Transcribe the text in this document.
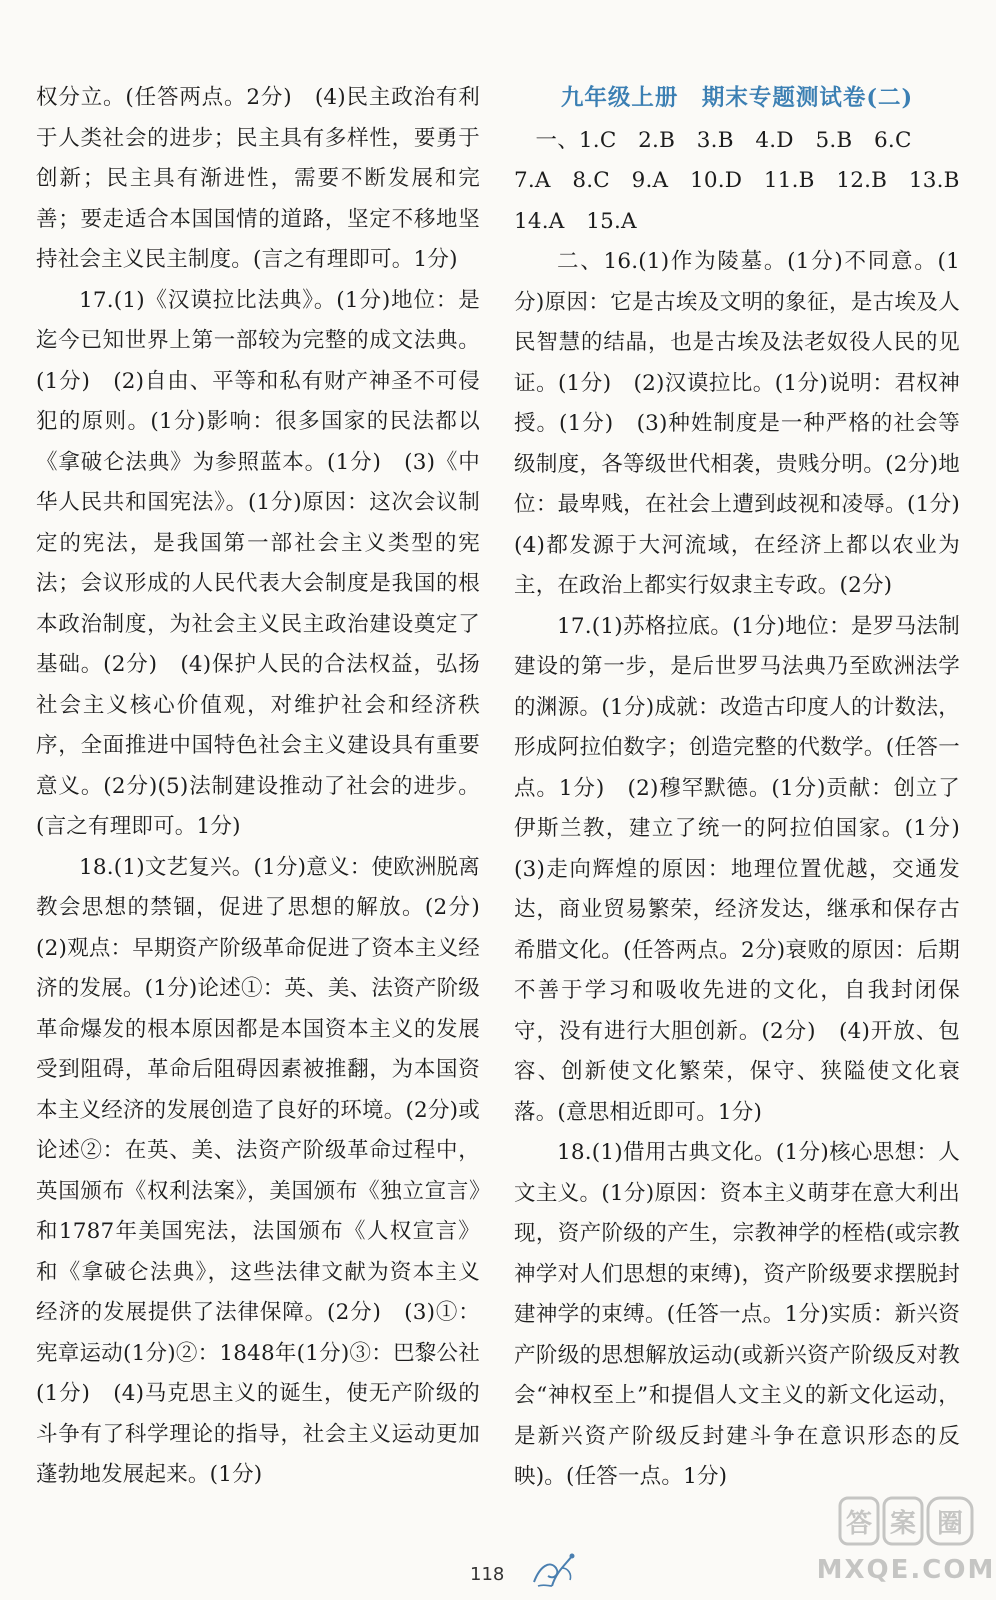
权分立。(任答两点。2分)　(4)民主政治有利于人类社会的进步；民主具有多样性，要勇于创新；民主具有渐进性，需要不断发展和完善；要走适合本国国情的道路，坚定不移地坚持社会主义民主制度。(言之有理即可。1分)

17.(1)《汉谟拉比法典》。(1分)地位：是迄今已知世界上第一部较为完整的成文法典。(1分)　(2)自由、平等和私有财产神圣不可侵犯的原则。(1分)影响：很多国家的民法都以《拿破仑法典》为参照蓝本。(1分)　(3)《中华人民共和国宪法》。(1分)原因：这次会议制定的宪法，是我国第一部社会主义类型的宪法；会议形成的人民代表大会制度是我国的根本政治制度，为社会主义民主政治建设奠定了基础。(2分)　(4)保护人民的合法权益，弘扬社会主义核心价值观，对维护社会和经济秩序，全面推进中国特色社会主义建设具有重要意义。(2分)(5)法制建设推动了社会的进步。(言之有理即可。1分)

18.(1)文艺复兴。(1分)意义：使欧洲脱离教会思想的禁锢，促进了思想的解放。(2分)　(2)观点：早期资产阶级革命促进了资本主义经济的发展。(1分)论述①：英、美、法资产阶级革命爆发的根本原因都是本国资本主义的发展受到阻碍，革命后阻碍因素被推翻，为本国资本主义经济的发展创造了良好的环境。(2分)或论述②：在英、美、法资产阶级革命过程中，英国颁布《权利法案》，美国颁布《独立宣言》和1787年美国宪法，法国颁布《人权宣言》和《拿破仑法典》，这些法律文献为资本主义经济的发展提供了法律保障。(2分)　(3)①：宪章运动(1分)②：1848年(1分)③：巴黎公社(1分)　(4)马克思主义的诞生，使无产阶级的斗争有了科学理论的指导，社会主义运动更加蓬勃地发展起来。(1分)

九年级上册　期末专题测试卷(二)

一、1.C　2.B　3.B　4.D　5.B　6.C

7.A　8.C　9.A　10.D　11.B　12.B　13.B

14.A　15.A

二、16.(1)作为陵墓。(1分)不同意。(1分)原因：它是古埃及文明的象征，是古埃及人民智慧的结晶，也是古埃及法老奴役人民的见证。(1分)　(2)汉谟拉比。(1分)说明：君权神授。(1分)　(3)种姓制度是一种严格的社会等级制度，各等级世代相袭，贵贱分明。(2分)地位：最卑贱，在社会上遭到歧视和凌辱。(1分)　(4)都发源于大河流域，在经济上都以农业为主，在政治上都实行奴隶主专政。(2分)

17.(1)苏格拉底。(1分)地位：是罗马法制建设的第一步，是后世罗马法典乃至欧洲法学的渊源。(1分)成就：改造古印度人的计数法，形成阿拉伯数字；创造完整的代数学。(任答一点。1分)　(2)穆罕默德。(1分)贡献：创立了伊斯兰教，建立了统一的阿拉伯国家。(1分)　(3)走向辉煌的原因：地理位置优越，交通发达，商业贸易繁荣，经济发达，继承和保存古希腊文化。(任答两点。2分)衰败的原因：后期不善于学习和吸收先进的文化，自我封闭保守，没有进行大胆创新。(2分)　(4)开放、包容、创新使文化繁荣，保守、狭隘使文化衰落。(意思相近即可。1分)

18.(1)借用古典文化。(1分)核心思想：人文主义。(1分)原因：资本主义萌芽在意大利出现，资产阶级的产生，宗教神学的桎梏(或宗教神学对人们思想的束缚)，资产阶级要求摆脱封建神学的束缚。(任答一点。1分)实质：新兴资产阶级的思想解放运动(或新兴资产阶级反对教会“神权至上”和提倡人文主义的新文化运动，是新兴资产阶级反封建斗争在意识形态的反映)。(任答一点。1分)

118
答 案 圈
MXQE.COM
